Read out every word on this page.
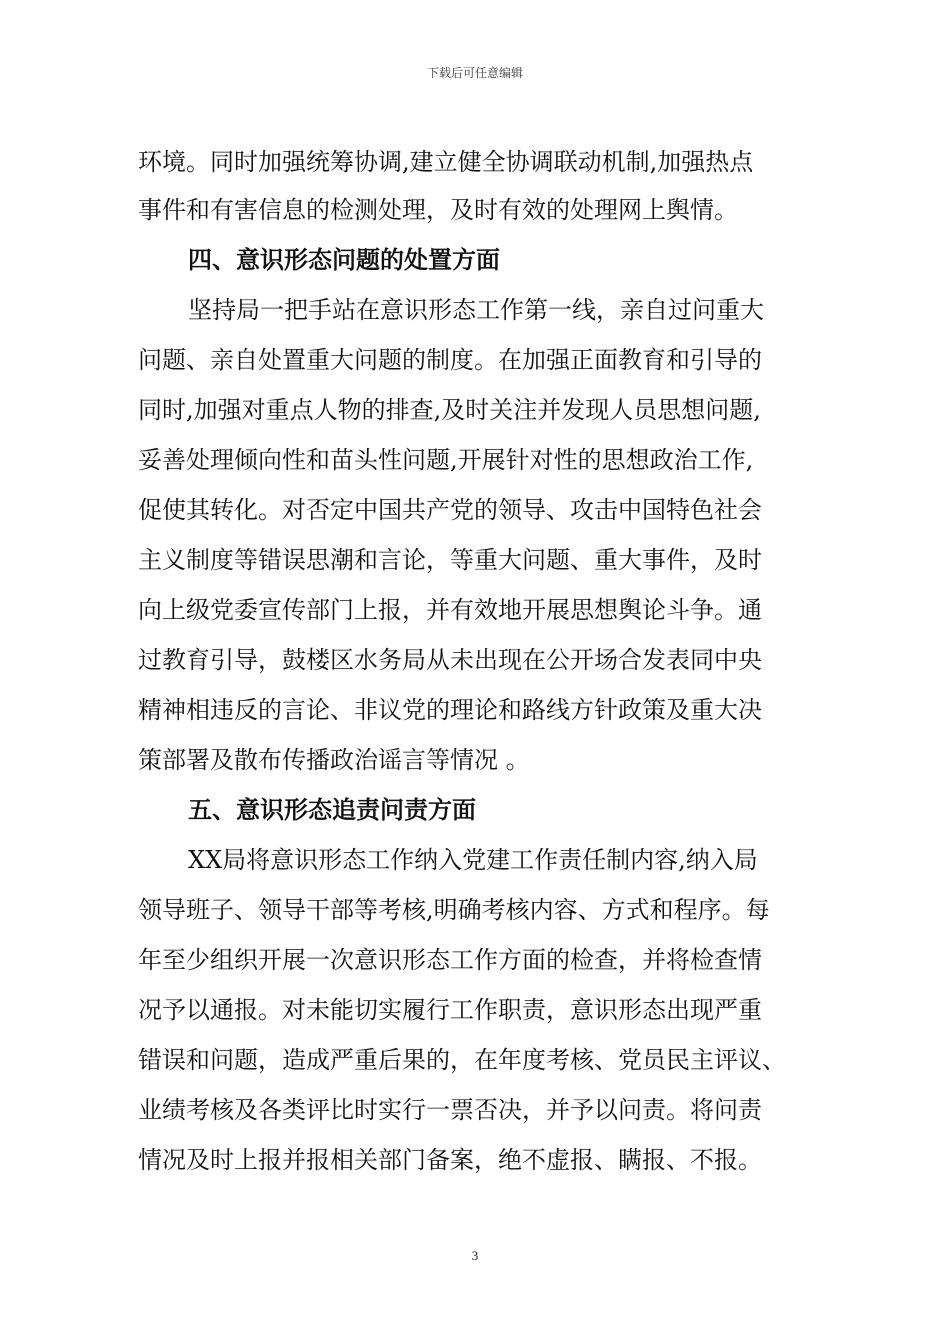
下载后可任意编辑
环境。同时加强统筹协调,建立健全协调联动机制,加强热点
事件和有害信息的检测处理，及时有效的处理网上舆情。
四、意识形态问题的处置方面
坚持局一把手站在意识形态工作第一线，亲自过问重大
问题、亲自处置重大问题的制度。在加强正面教育和引导的
同时,加强对重点人物的排查,及时关注并发现人员思想问题,
妥善处理倾向性和苗头性问题,开展针对性的思想政治工作,
促使其转化。对否定中国共产党的领导、攻击中国特色社会
主义制度等错误思潮和言论，等重大问题、重大事件，及时
向上级党委宣传部门上报，并有效地开展思想舆论斗争。通
过教育引导，鼓楼区水务局从未出现在公开场合发表同中央
精神相违反的言论、非议党的理论和路线方针政策及重大决
策部署及散布传播政治谣言等情况 。
五、意识形态追责问责方面
XX局将意识形态工作纳入党建工作责任制内容,纳入局
领导班子、领导干部等考核,明确考核内容、方式和程序。每
年至少组织开展一次意识形态工作方面的检查，并将检查情
况予以通报。对未能切实履行工作职责，意识形态出现严重
错误和问题，造成严重后果的，在年度考核、党员民主评议、
业绩考核及各类评比时实行一票否决，并予以问责。将问责
情况及时上报并报相关部门备案，绝不虚报、瞒报、不报。
3
